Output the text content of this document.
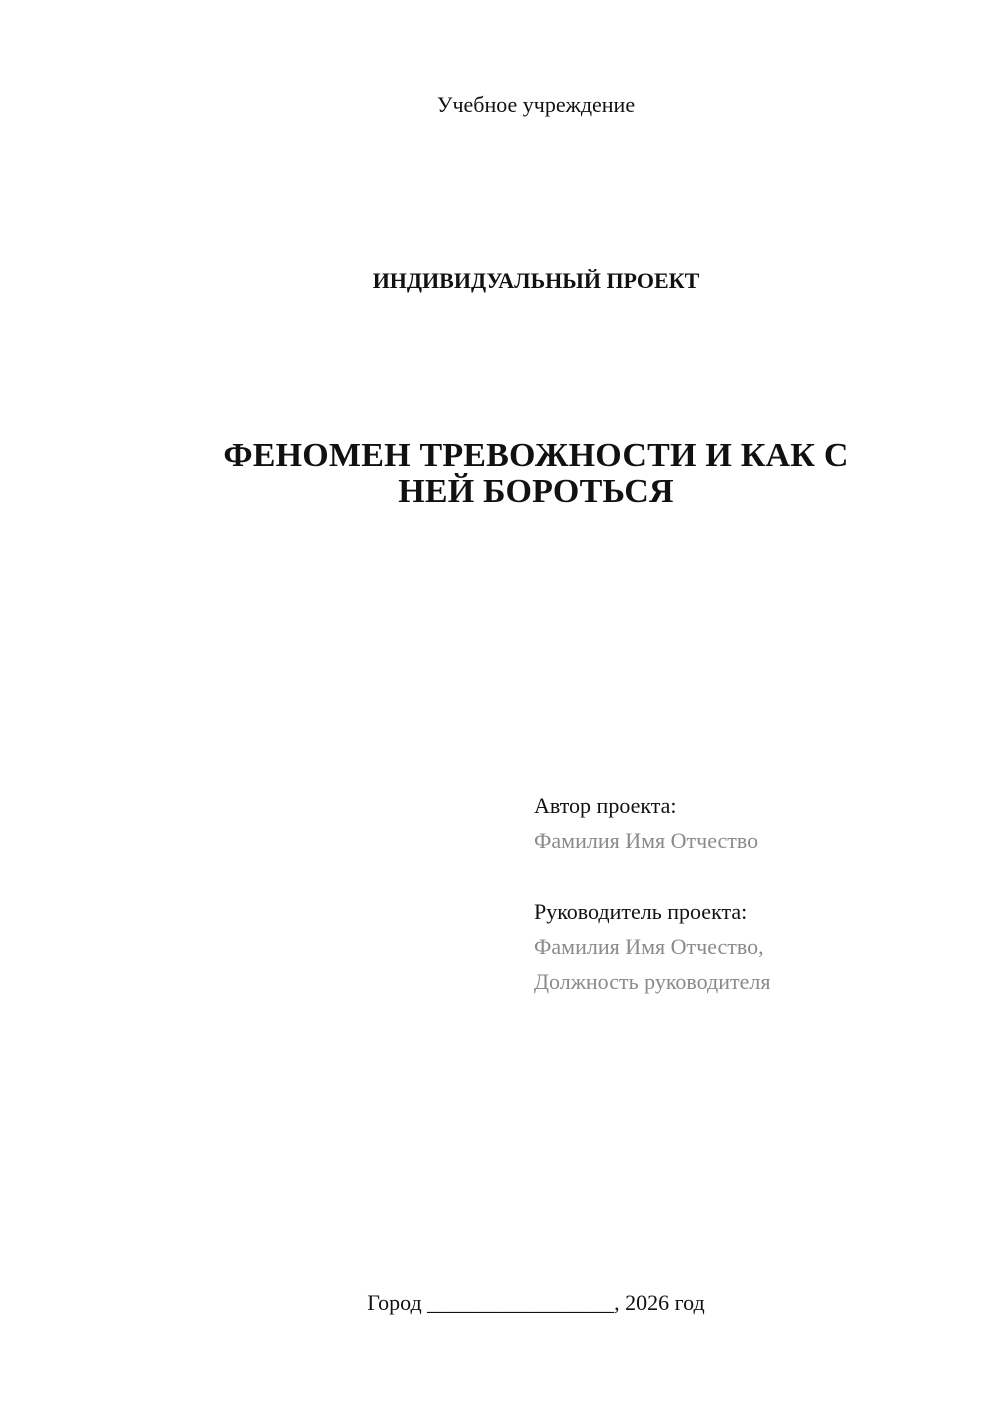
Учебное учреждение
ИНДИВИДУАЛЬНЫЙ ПРОЕКТ
ФЕНОМЕН ТРЕВОЖНОСТИ И КАК С
НЕЙ БОРОТЬСЯ
Автор проекта:
Фамилия Имя Отчество
Руководитель проекта:
Фамилия Имя Отчество,
Должность руководителя
Город _________________, 2026 год
